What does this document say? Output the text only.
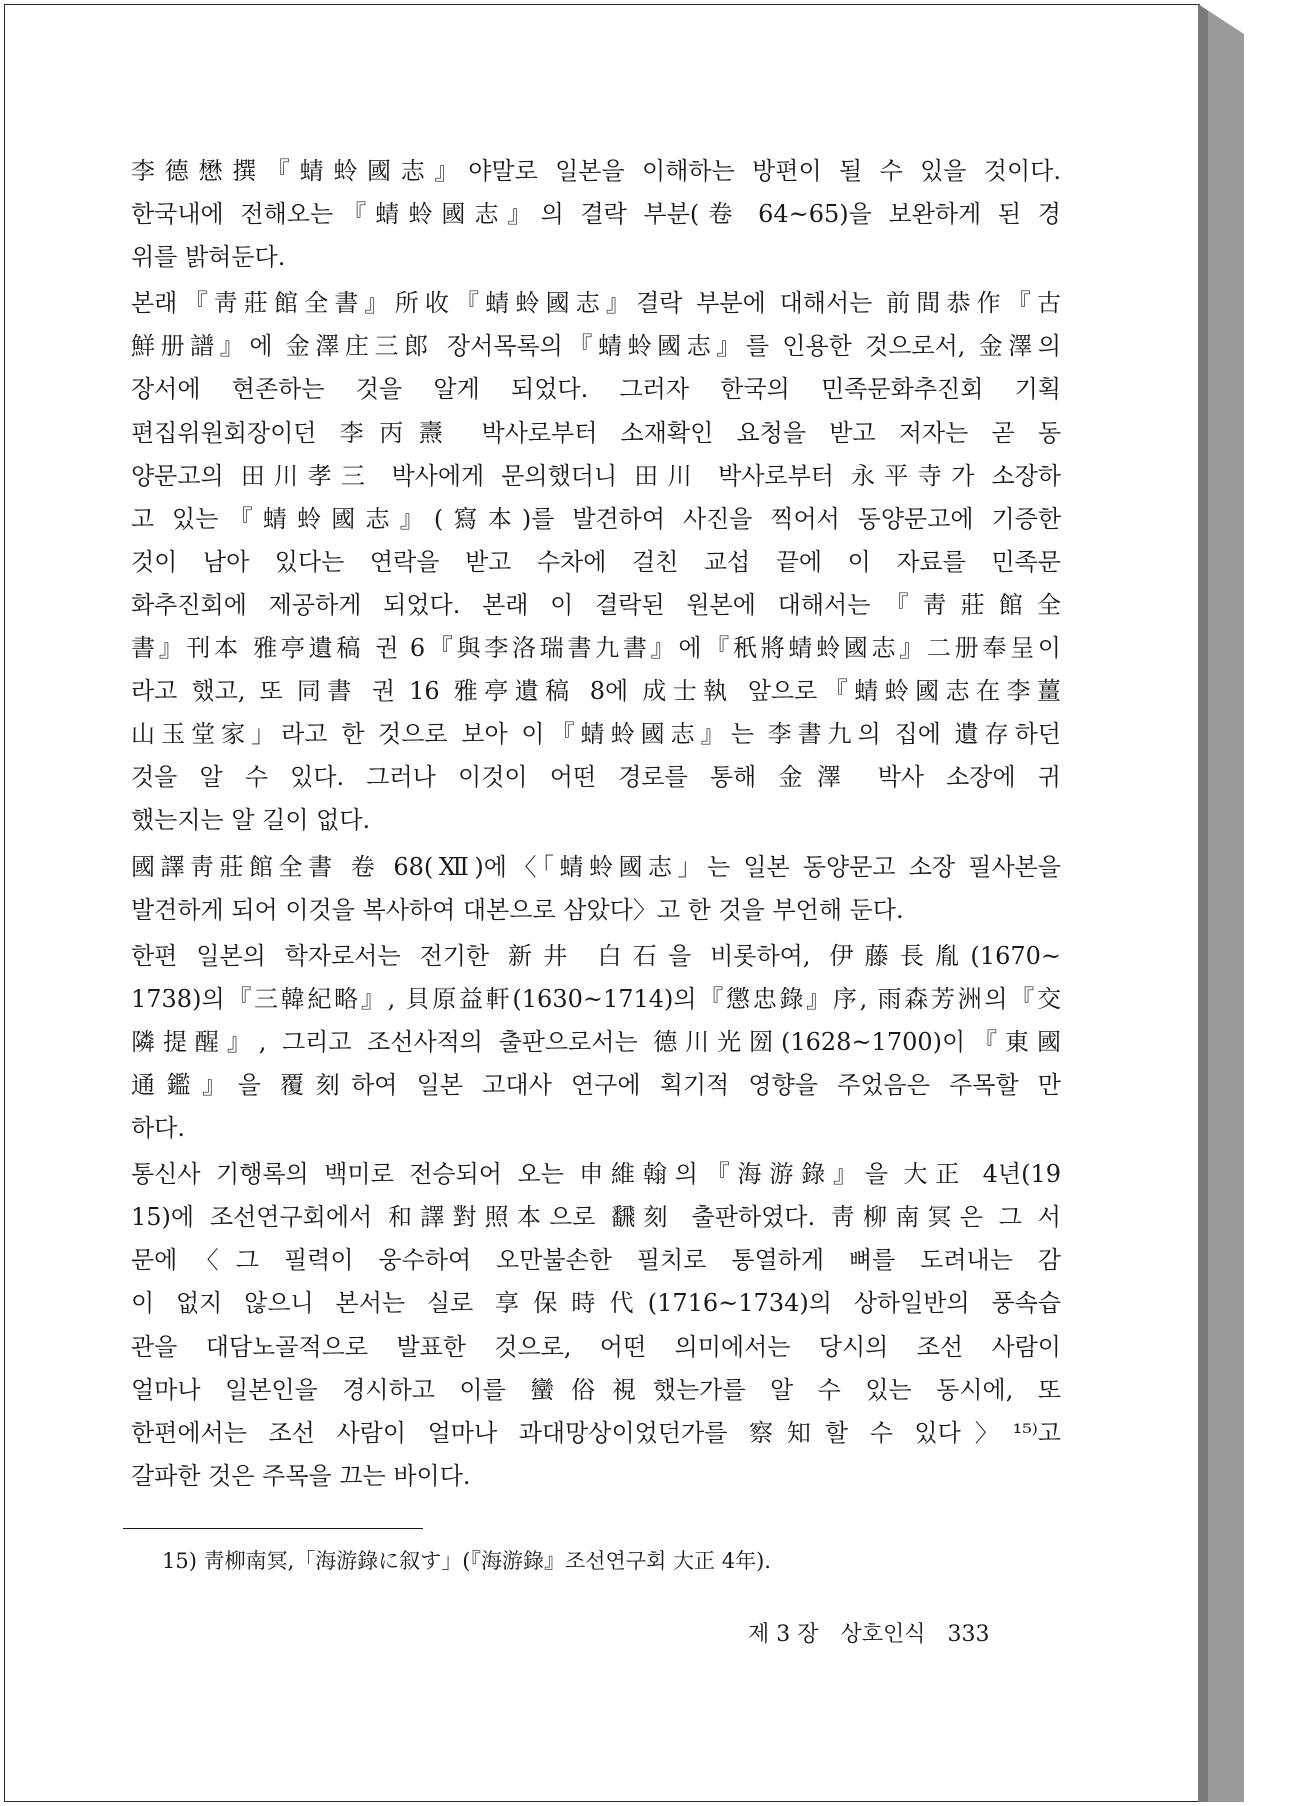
李德懋撰『蜻蛉國志』야말로 일본을 이해하는 방편이 될 수 있을 것이다.

한국내에 전해오는『蜻蛉國志』의 결락 부분(卷 64~65)을 보완하게 된 경

위를 밝혀둔다.

본래『靑莊館全書』所收『蜻蛉國志』결락 부분에 대해서는 前間恭作『古

鮮册譜』에 金澤庄三郎 장서목록의『蜻蛉國志』를 인용한 것으로서, 金澤의

장서에 현존하는 것을 알게 되었다. 그러자 한국의 민족문화추진회 기획

편집위원회장이던 李丙燾 박사로부터 소재확인 요청을 받고 저자는 곧 동

양문고의 田川孝三 박사에게 문의했더니 田川 박사로부터 永平寺가 소장하

고 있는『蜻蛉國志』(寫本)를 발견하여 사진을 찍어서 동양문고에 기증한

것이 남아 있다는 연락을 받고 수차에 걸친 교섭 끝에 이 자료를 민족문

화추진회에 제공하게 되었다. 본래 이 결락된 원본에 대해서는『靑莊館全

書』刊本 雅亭遺稿 권 6『與李洛瑞書九書』에『秖將蜻蛉國志』二册奉呈이

라고 했고, 또 同書 권 16 雅亭遺稿 8에 成士執 앞으로『蜻蛉國志在李薑

山玉堂家」라고 한 것으로 보아 이『蜻蛉國志』는 李書九의 집에 遺存하던

것을 알 수 있다. 그러나 이것이 어떤 경로를 통해 金澤 박사 소장에 귀

했는지는 알 길이 없다.

國譯靑莊館全書 卷 68(Ⅻ)에〈「蜻蛉國志」는 일본 동양문고 소장 필사본을

발견하게 되어 이것을 복사하여 대본으로 삼았다〉고 한 것을 부언해 둔다.

한편 일본의 학자로서는 전기한 新井 白石을 비롯하여, 伊藤長胤(1670~

1738)의『三韓紀略』, 貝原益軒(1630~1714)의『懲忠錄』序, 雨森芳洲의『交

隣提醒』, 그리고 조선사적의 출판으로서는 德川光圀(1628~1700)이『東國

通鑑』을 覆刻하여 일본 고대사 연구에 획기적 영향을 주었음은 주목할 만

하다.

통신사 기행록의 백미로 전승되어 오는 申維翰의『海游錄』을 大正 4년(19

15)에 조선연구회에서 和譯對照本으로 飜刻 출판하였다. 靑柳南冥은 그 서

문에〈그 필력이 웅수하여 오만불손한 필치로 통열하게 뼈를 도려내는 감

이 없지 않으니 본서는 실로 享保時代(1716~1734)의 상하일반의 풍속습

관을 대담노골적으로 발표한 것으로, 어떤 의미에서는 당시의 조선 사람이

얼마나 일본인을 경시하고 이를 蠻俗視했는가를 알 수 있는 동시에, 또

한편에서는 조선 사람이 얼마나 과대망상이었던가를 察知할 수 있다〉¹⁵⁾고

갈파한 것은 주목을 끄는 바이다.

15) 靑柳南冥,「海游錄に叙す」(『海游錄』조선연구회 大正 4年).
제 3 장 상호인식 333
